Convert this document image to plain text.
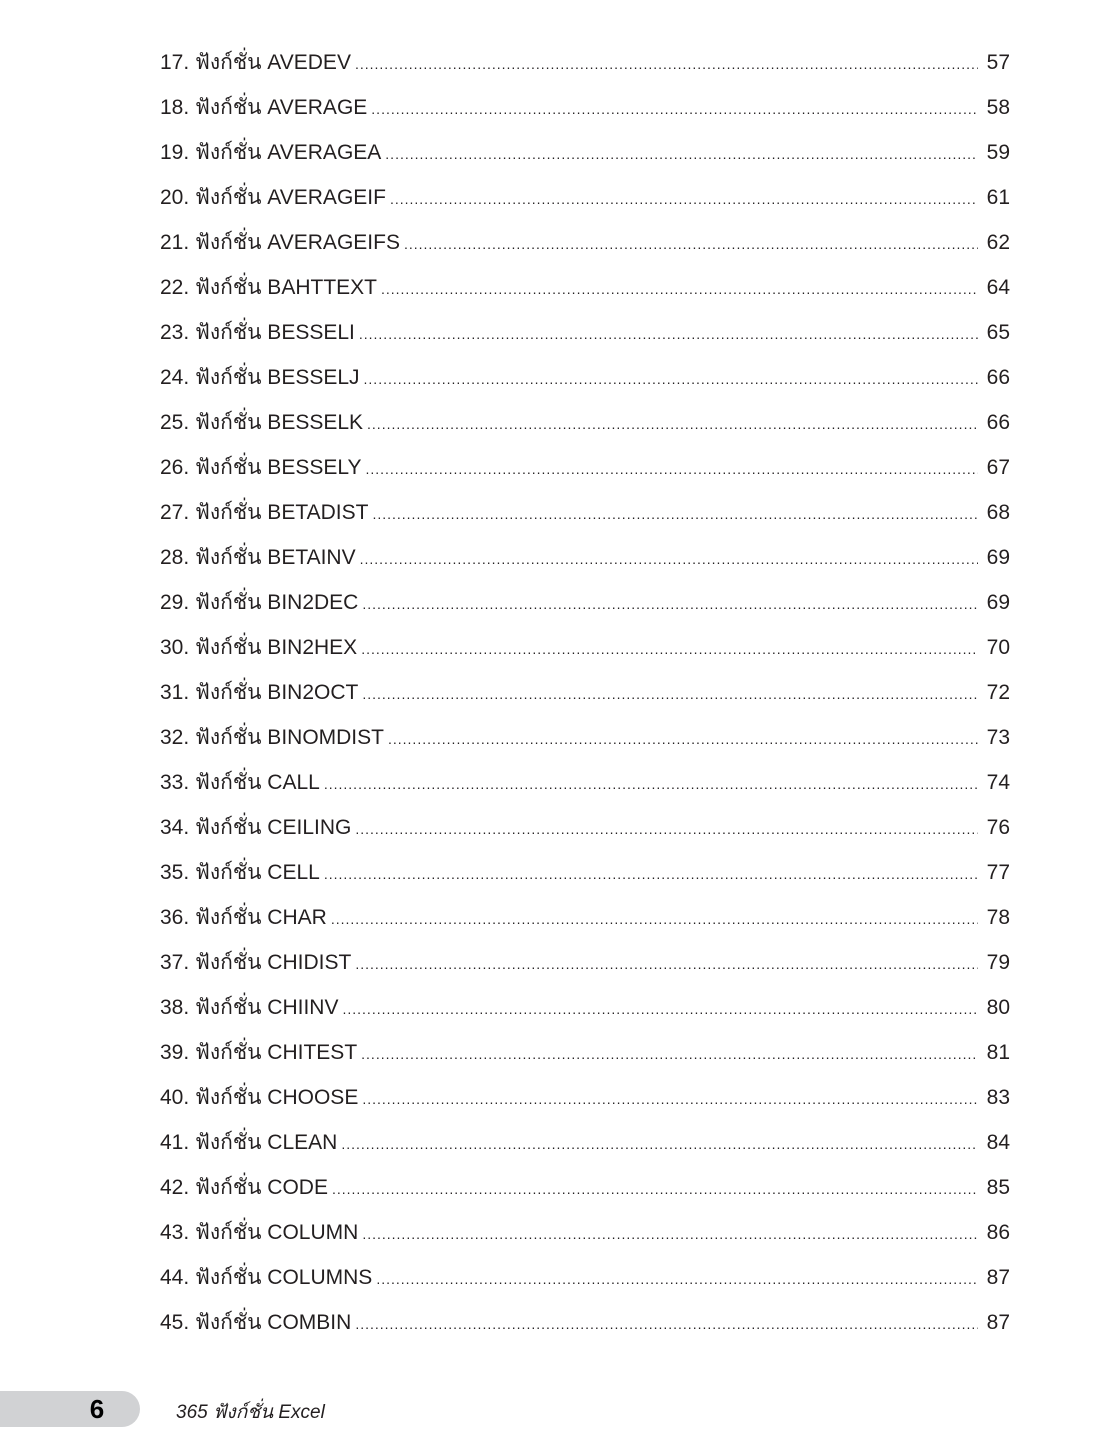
17. ฟังก์ชั่น AVEDEV .....	57
18. ฟังก์ชั่น AVERAGE .....	58
19. ฟังก์ชั่น AVERAGEA .....	59
20. ฟังก์ชั่น AVERAGEIF .....	61
21. ฟังก์ชั่น AVERAGEIFS .....	62
22. ฟังก์ชั่น BAHTTEXT .....	64
23. ฟังก์ชั่น BESSELI .....	65
24. ฟังก์ชั่น BESSELJ .....	66
25. ฟังก์ชั่น BESSELK .....	66
26. ฟังก์ชั่น BESSELY .....	67
27. ฟังก์ชั่น BETADIST .....	68
28. ฟังก์ชั่น BETAINV .....	69
29. ฟังก์ชั่น BIN2DEC .....	69
30. ฟังก์ชั่น BIN2HEX .....	70
31. ฟังก์ชั่น BIN2OCT .....	72
32. ฟังก์ชั่น BINOMDIST .....	73
33. ฟังก์ชั่น CALL .....	74
34. ฟังก์ชั่น CEILING .....	76
35. ฟังก์ชั่น CELL .....	77
36. ฟังก์ชั่น CHAR .....	78
37. ฟังก์ชั่น CHIDIST .....	79
38. ฟังก์ชั่น CHIINV .....	80
39. ฟังก์ชั่น CHITEST .....	81
40. ฟังก์ชั่น CHOOSE .....	83
41. ฟังก์ชั่น CLEAN .....	84
42. ฟังก์ชั่น CODE .....	85
43. ฟังก์ชั่น COLUMN .....	86
44. ฟังก์ชั่น COLUMNS .....	87
45. ฟังก์ชั่น COMBIN .....	87
6	365 ฟังก์ชั่น Excel
